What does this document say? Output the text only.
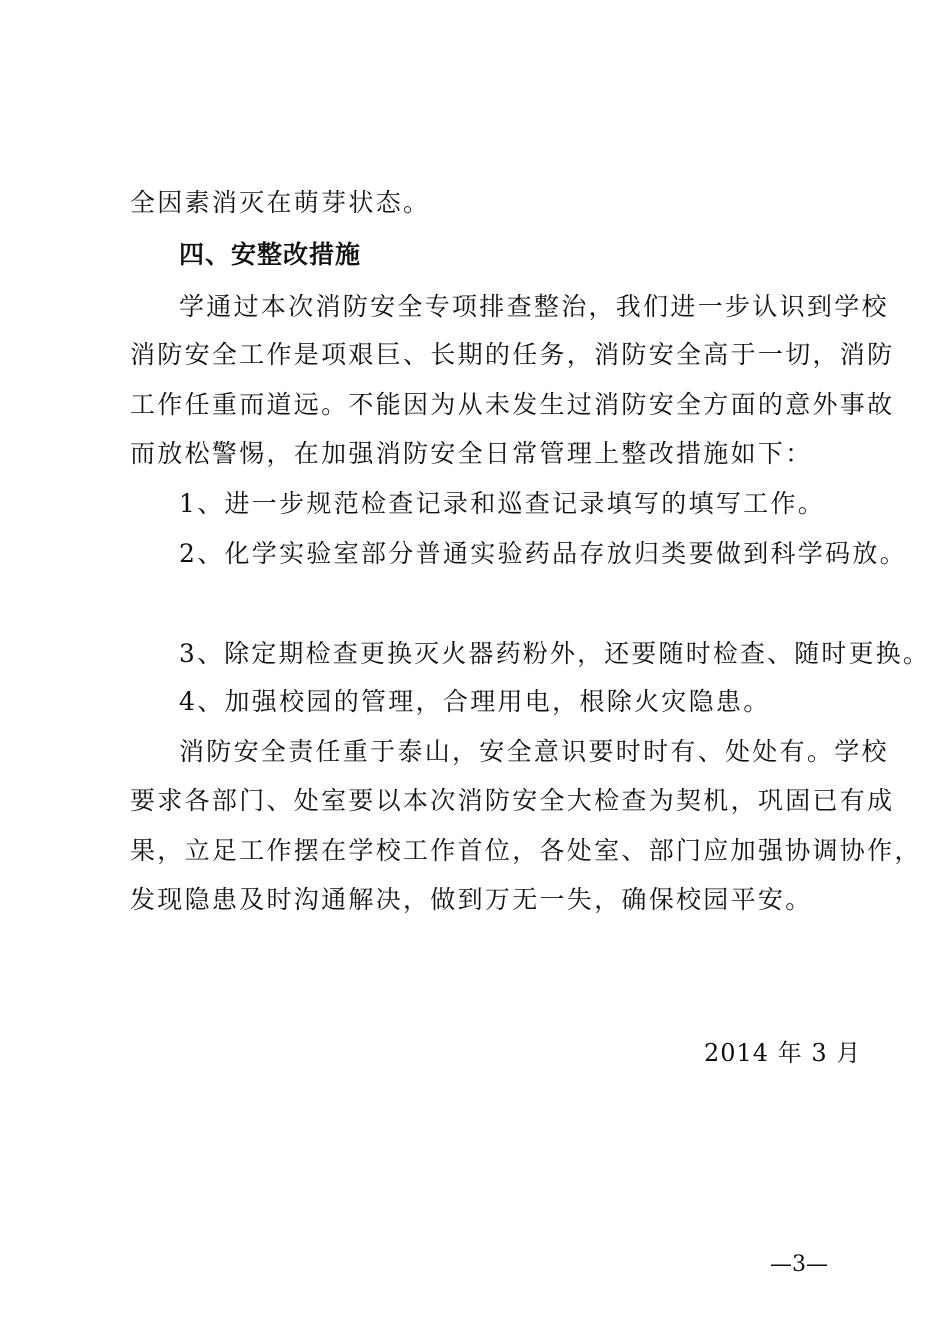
全因素消灭在萌芽状态。
四、安整改措施
学通过本次消防安全专项排查整治，我们进一步认识到学校
消防安全工作是项艰巨、长期的任务，消防安全高于一切，消防
工作任重而道远。不能因为从未发生过消防安全方面的意外事故
而放松警惕，在加强消防安全日常管理上整改措施如下：
1、进一步规范检查记录和巡查记录填写的填写工作。
2、化学实验室部分普通实验药品存放归类要做到科学码放。
3、除定期检查更换灭火器药粉外，还要随时检查、随时更换。
4、加强校园的管理，合理用电，根除火灾隐患。
消防安全责任重于泰山，安全意识要时时有、处处有。学校
要求各部门、处室要以本次消防安全大检查为契机，巩固已有成
果，立足工作摆在学校工作首位，各处室、部门应加强协调协作，
发现隐患及时沟通解决，做到万无一失，确保校园平安。
2014 年 3 月
—3—
